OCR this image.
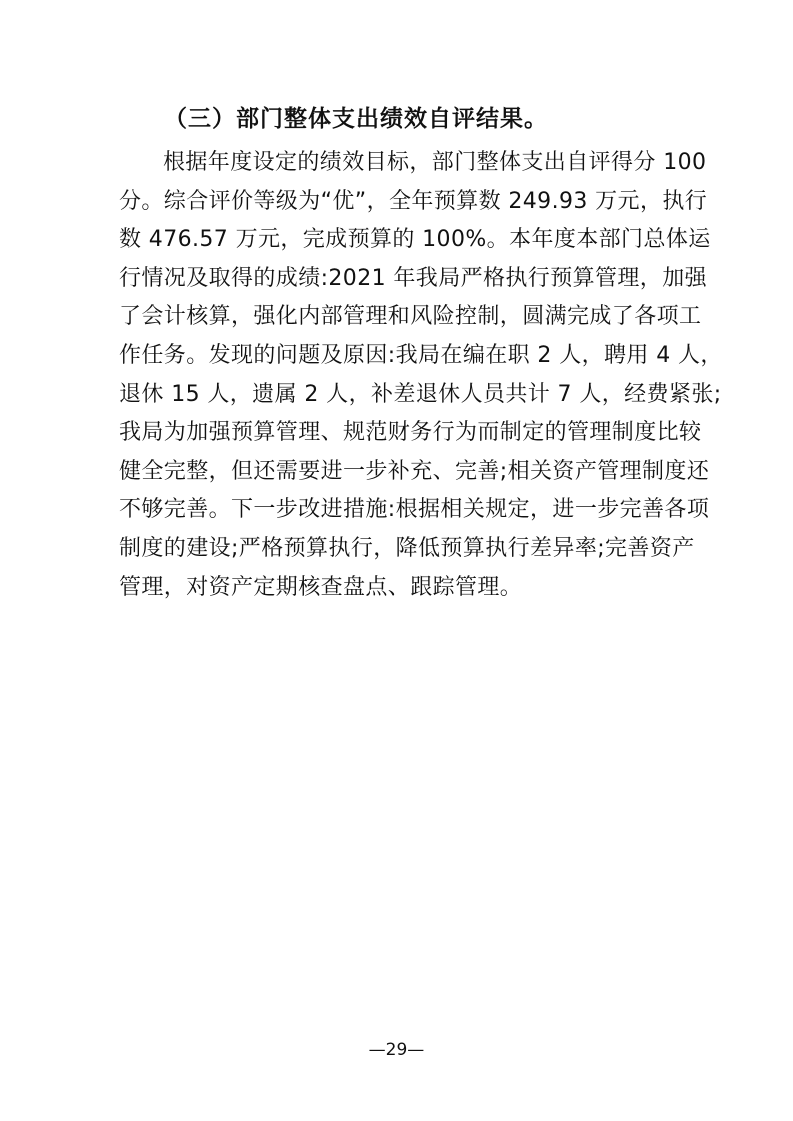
（三）部门整体支出绩效自评结果。
根据年度设定的绩效目标，部门整体支出自评得分 100
分。综合评价等级为“优”，全年预算数 249.93 万元，执行
数 476.57 万元，完成预算的 100%。本年度本部门总体运
行情况及取得的成绩:2021 年我局严格执行预算管理，加强
了会计核算，强化内部管理和风险控制，圆满完成了各项工
作任务。发现的问题及原因:我局在编在职 2 人，聘用 4 人，
退休 15 人，遗属 2 人，补差退休人员共计 7 人，经费紧张;
我局为加强预算管理、规范财务行为而制定的管理制度比较
健全完整，但还需要进一步补充、完善;相关资产管理制度还
不够完善。下一步改进措施:根据相关规定，进一步完善各项
制度的建设;严格预算执行，降低预算执行差异率;完善资产
管理，对资产定期核查盘点、跟踪管理。
—29—
